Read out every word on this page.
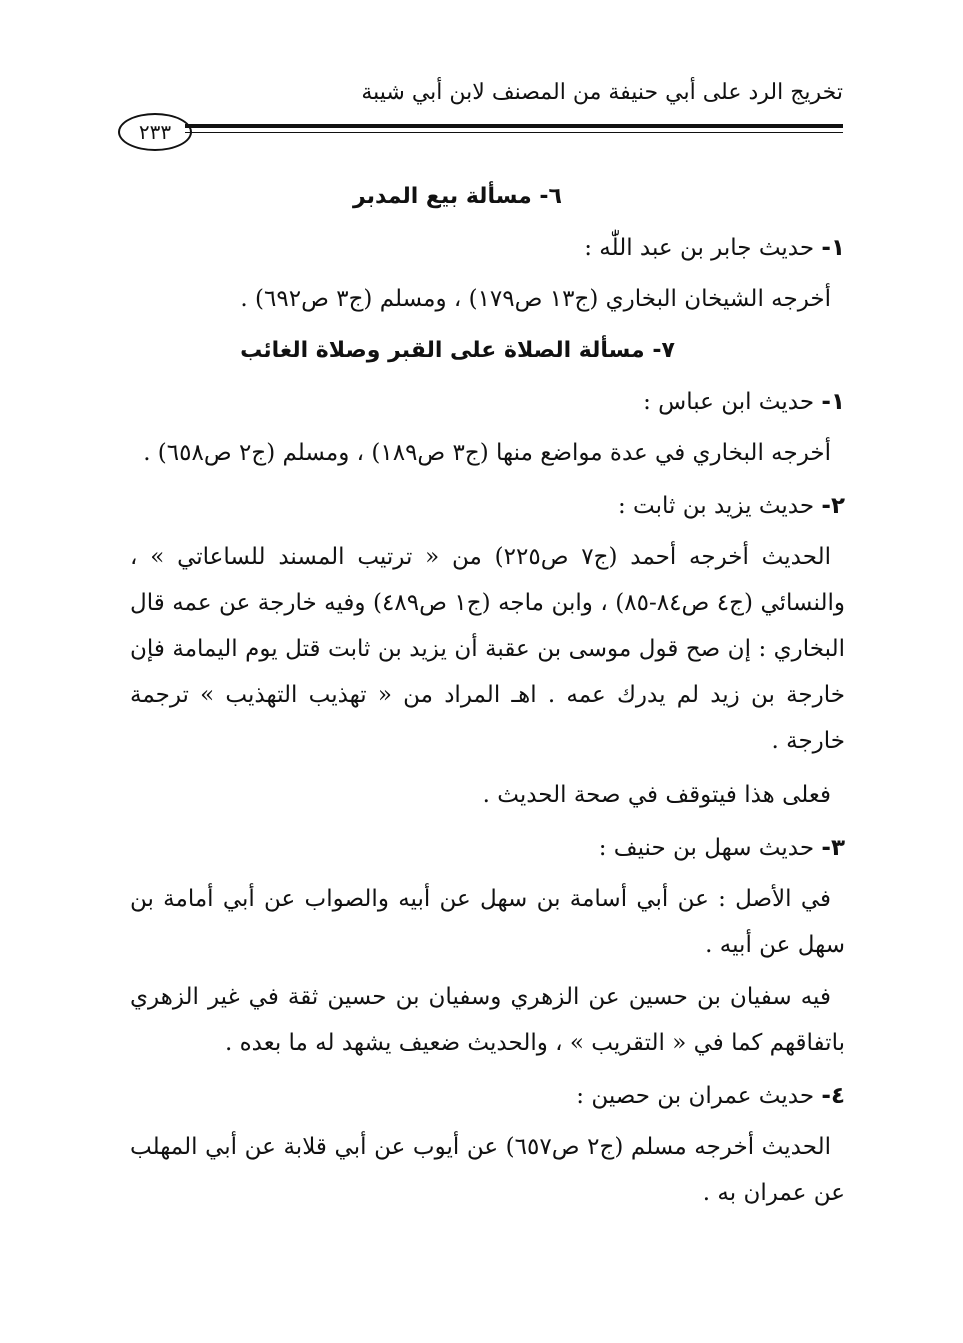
تخريج الرد على أبي حنيفة من المصنف لابن أبي شيبة
٢٣٣
٦- مسألة بيع المدبر
١- حديث جابر بن عبد اللّٰه :

أخرجه الشيخان البخاري (ج١٣ ص١٧٩) ، ومسلم (ج٣ ص٦٩٢) .

٧- مسألة الصلاة على القبر وصلاة الغائب
١- حديث ابن عباس :

أخرجه البخاري في عدة مواضع منها (ج٣ ص١٨٩) ، ومسلم (ج٢ ص٦٥٨) .

٢- حديث يزيد بن ثابت :

الحديث أخرجه أحمد (ج٧ ص٢٢٥) من « ترتيب المسند للساعاتي » ، والنسائي (ج٤ ص٨٤-٨٥) ، وابن ماجه (ج١ ص٤٨٩) وفيه خارجة عن عمه قال البخاري : إن صح قول موسى بن عقبة أن يزيد بن ثابت قتل يوم اليمامة فإن خارجة بن زيد لم يدرك عمه . اهـ المراد من « تهذيب التهذيب » ترجمة خارجة .

فعلى هذا فيتوقف في صحة الحديث .

٣- حديث سهل بن حنيف :

في الأصل : عن أبي أسامة بن سهل عن أبيه والصواب عن أبي أمامة بن سهل عن أبيه .

فيه سفيان بن حسين عن الزهري وسفيان بن حسين ثقة في غير الزهري باتفاقهم كما في « التقريب » ، والحديث ضعيف يشهد له ما بعده .

٤- حديث عمران بن حصين :

الحديث أخرجه مسلم (ج٢ ص٦٥٧) عن أيوب عن أبي قلابة عن أبي المهلب عن عمران به .
